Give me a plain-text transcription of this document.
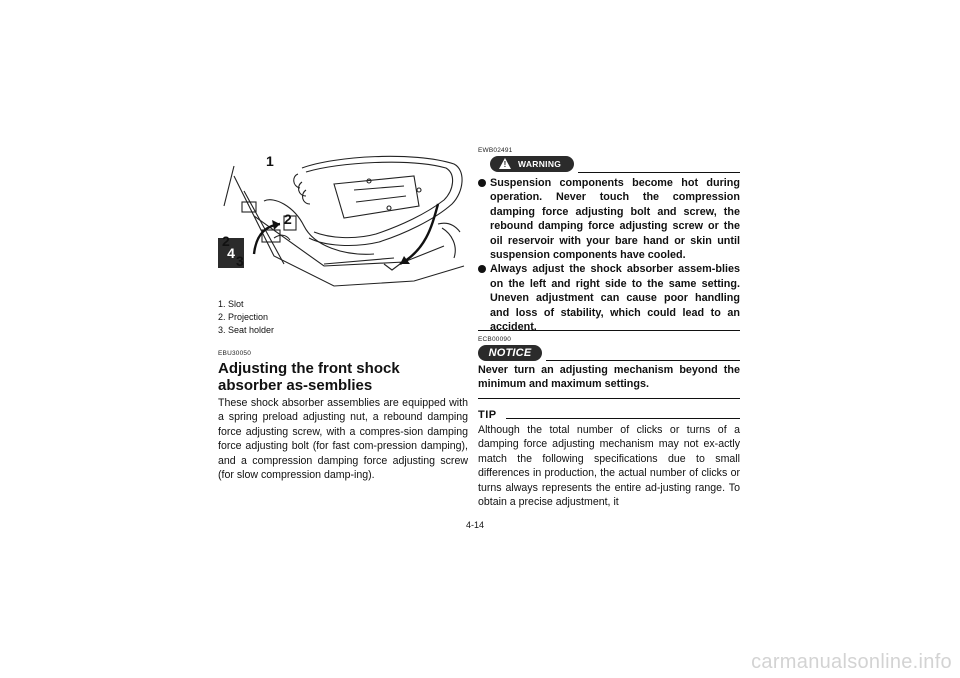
4
1
2
2
3
1. Slot
2. Projection
3. Seat holder
EBU30050
Adjusting the front shock absorber as-semblies
These shock absorber assemblies are equipped with a spring preload adjusting nut, a rebound damping force adjusting screw, with a compres-sion damping force adjusting bolt (for fast com-pression damping), and a compression damping force adjusting screw (for slow compression damp-ing).
EWB02491
! WARNING
Suspension components become hot during operation. Never touch the compression damping force adjusting bolt and screw, the rebound damping force adjusting screw or the oil reservoir with your bare hand or skin until suspension components have cooled.
Always adjust the shock absorber assem-blies on the left and right side to the same setting. Uneven adjustment can cause poor handling and loss of stability, which could lead to an accident.
ECB00090
NOTICE
Never turn an adjusting mechanism beyond the minimum and maximum settings.
TIP
Although the total number of clicks or turns of a damping force adjusting mechanism may not ex-actly match the following specifications due to small differences in production, the actual number of clicks or turns always represents the entire ad-justing range. To obtain a precise adjustment, it
4-14
carmanualsonline.info
